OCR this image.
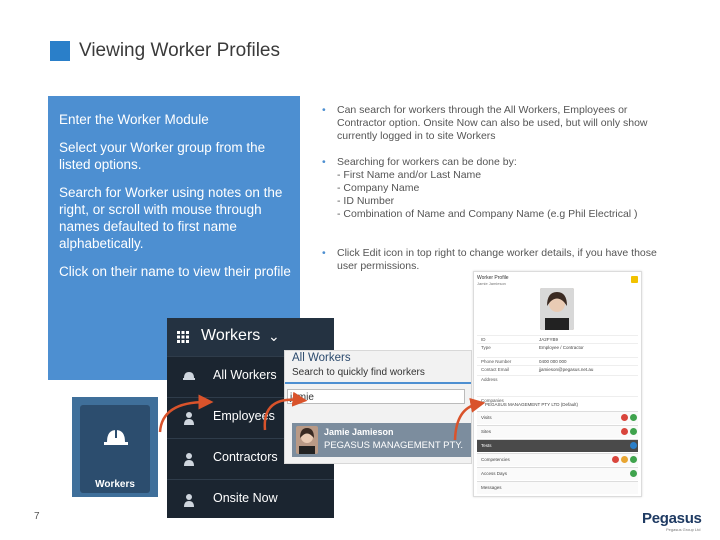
Viewing Worker Profiles
Enter the Worker Module
Select your Worker group from the listed options.
Search for Worker using notes on the right, or scroll with mouse through names defaulted to first name alphabetically.
Click on their name to view their profile
• Can search for workers through the All Workers, Employees or Contractor option. Onsite Now can also be used, but will only show currently logged in to site Workers
• Searching for workers can be done by:
- First Name and/or Last Name
- Company Name
- ID Number
- Combination of Name and Company Name (e.g Phil Electrical )
• Click Edit icon in top right to change worker details, if you have those user permissions.
Workers
Workers ⌄
All Workers
Employees
Contractors
Onsite Now
All Workers
Search to quickly find workers
jamie
Jamie Jamieson
PEGASUS MANAGEMENT PTY.
Worker Profile
Jamie Jamieson
ID	JA2FYB9
Type	Employee / Contractor
Phone Number	0400 000 000
Contact Email	jjamieson@pegasus.net.au
Address
Companies
PEGASUS MANAGEMENT PTY LTD (Default)
Visits
Sites
Tests
Competencies
Access Days
Messages
7	Pegasus
Pegasus Group Ltd
